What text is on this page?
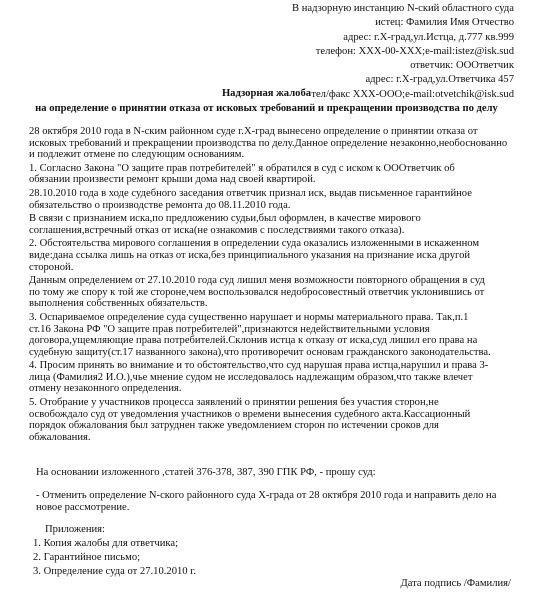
В надзорную инстанцию N-ский областного суда
истец: Фамилия Имя Отчество
адрес: г.Х-град,ул.Истца, д.777 кв.999
телефон: ХХХ-00-ХХХ;e-mail:istez@isk.sud
ответчик: ОООтветчик
адрес: г.Х-град,ул.Ответчика 457
тел/факс ХХХ-ООО;e-mail:otvetchik@isk.sud
Надзорная жалоба
на определение о принятии отказа от исковых требований и прекращении производства по делу

28 октября 2010 года в N-ским районном суде г.Х-град вынесено определение о принятии отказа от
исковых требований и прекращении производства по делу.Данное определение незаконно,необоснованно
и подлежит отмене по следующим основаниям.

1. Согласно Закона "О защите прав потребителей" я обратился в суд с иском к ОООтветчик об
обязании произвести ремонт крыши дома над своей квартирой.

28.10.2010 года в ходе судебного заседания ответчик признал иск, выдав письменное гарантийное
обязательство о производстве ремонта до 08.11.2010 года.

В связи с признанием иска,по предложению судьи,был оформлен, в качестве мирового
соглашения,встречный отказ от иска(не ознакомив с последствиями такого отказа).

2. Обстоятельства мирового соглашения в определении суда оказались изложенными в искаженном
виде:дана ссылка лишь на отказ от иска,без принципиального указания на признание иска другой
стороной.

Данным определением от 27.10.2010 года суд лишил меня возможности повторного обращения в суд
по тому же спору к той же стороне,чем воспользовался недобросовестный ответчик уклонившись от
выполнения собственных обязательств.

3. Оспариваемое определение суда существенно нарушает и нормы материального права. Так,п.1
ст.16 Закона РФ "О защите прав потребителей",признаются недействительными условия
договора,ущемляющие права потребителей.Склонив истца к отказу от иска,суд лишил его права на
судебную защиту(ст.17 названного закона),что противоречит основам гражданского законодательства.

4. Просим принять во внимание и то обстоятельство,что суд нарушая права истца,нарушил и права 3-
лица (Фамилия2 И.О.),чье мнение судом не исследовалось надлежащим образом,что также влечет
отмену незаконного определения.

5. Отобрание у участников процесса заявлений о принятии решения без участия сторон,не
освобождало суд от уведомления участников о времени вынесения судебного акта.Кассационный
порядок обжалования был затруднен также уведомлением сторон по истечении сроков для
обжалования.

На основании изложенного ,статей 376-378, 387, 390 ГПК РФ, - прошу суд:
- Отменить определение N-ского районного суда Х-града от 28 октября 2010 года и направить дело на
новое рассмотрение.
Приложения:
1. Копия жалобы для ответчика;
2. Гарантийное письмо;
3. Определение суда от 27.10.2010 г.
Дата подпись /Фамилия/
